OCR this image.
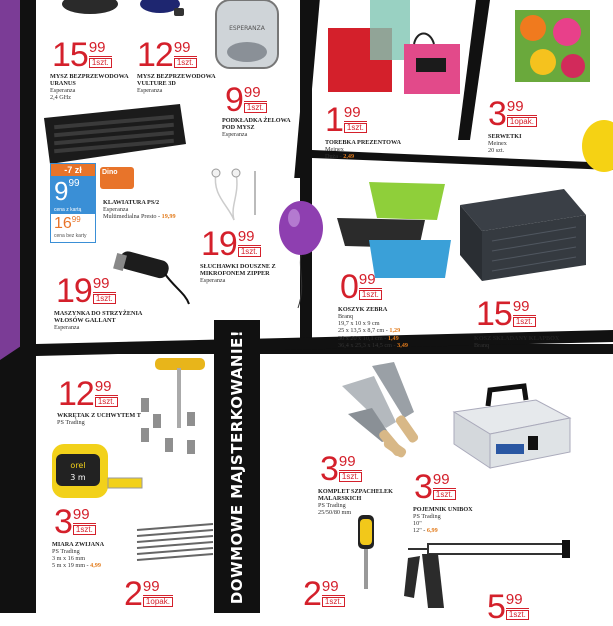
DOWMOWE MAJSTERKOWANIE!
ESPERANZA
15 99
1szt.
MYSZ BEZPRZEWODOWA URANUS
Esperanza
2,4 GHz
12 99
1szt.
MYSZ BEZPRZEWODOWA VULTURE 3D
Esperanza	9 99
1szt.
PODKŁADKA ŻELOWA POD MYSZ
Esperanza
-7 zł
$9^{99}$
cena z kartą
$16^{99}$
cena bez karty
Dino
KLAWIATURA PS/2
Esperanza
Multimedialna Presto - 19,99
19 99
1szt.
SŁUCHAWKI DOUSZNE Z MIKROFONEM ZIPPER
Esperanza
19 99
1szt.
MASZYNKA DO STRZYŻENIA WŁOSÓW GALLANT
Esperanza
1 99
1szt.
TOREBKA PREZENTOWA
Meinex
Duża - 2,49
3 99
1opak.
SERWETKI
Meinex
20 szt.
0 99
1szt.
KOSZYK ZEBRA
Branq
19,7 x 10 x 9 cm
25 x 13,5 x 8,7 cm - 1,29
30 x 20 x 10,1 cm - 1,49
36,4 x 25,3 x 14,5 cm - 3,49
15 99
1szt.
KOSZ SKŁADANY KLAPBOX
Branq
12 99
1szt.
WKRĘTAK Z UCHWYTEM T
PS Trading
orel
3 m
3 99
1szt.
MIARA ZWIJANA
PS Trading
3 m x 16 mm
5 m x 19 mm - 4,99
2 99
1opak.
3 99
1szt.
KOMPLET SZPACHELEK MALARSKICH
PS Trading
25/50/80 mm
3 99
1szt.
POJEMNIK UNIBOX
PS Trading
10"
12" - 6,99
2 99
1szt.	5 99
1szt.
